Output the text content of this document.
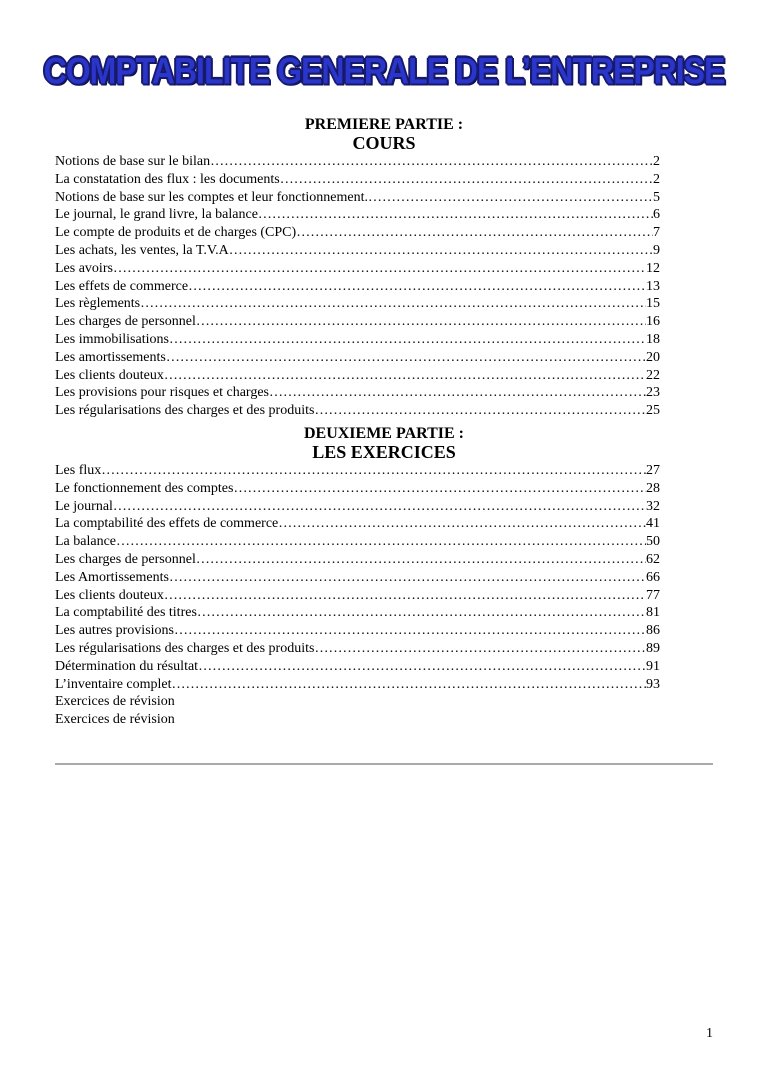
COMPTABILITE GENERALE DE L’ENTREPRISE
PREMIERE PARTIE :
COURS
Notions de base sur le bilan ……………………………………………………………………………………………………………………………………………………………………………………………………	2
La constatation des flux : les documents ……………………………………………………………………………………………………………………………………………………………………………………………………	2
Notions de base sur les comptes et leur fonctionnement. ……………………………………………………………………………………………………………………………………………………………………………………………………	5
Le journal, le grand livre, la balance ……………………………………………………………………………………………………………………………………………………………………………………………………	6
Le compte de produits et de charges (CPC) ……………………………………………………………………………………………………………………………………………………………………………………………………	7
Les achats, les ventes, la T.V.A ……………………………………………………………………………………………………………………………………………………………………………………………………	9
Les avoirs ……………………………………………………………………………………………………………………………………………………………………………………………………	12
Les effets de commerce ……………………………………………………………………………………………………………………………………………………………………………………………………	13
Les règlements ……………………………………………………………………………………………………………………………………………………………………………………………………	15
Les charges de personnel ……………………………………………………………………………………………………………………………………………………………………………………………………	16
Les immobilisations ……………………………………………………………………………………………………………………………………………………………………………………………………	18
Les amortissements ……………………………………………………………………………………………………………………………………………………………………………………………………	20
Les clients douteux ……………………………………………………………………………………………………………………………………………………………………………………………………	22
Les provisions pour risques et charges ……………………………………………………………………………………………………………………………………………………………………………………………………	23
Les régularisations des charges et des produits ……………………………………………………………………………………………………………………………………………………………………………………………………	25
DEUXIEME PARTIE :
LES EXERCICES
Les flux ……………………………………………………………………………………………………………………………………………………………………………………………………	27
Le fonctionnement des comptes ……………………………………………………………………………………………………………………………………………………………………………………………………	28
Le journal ……………………………………………………………………………………………………………………………………………………………………………………………………	32
La comptabilité des effets de commerce ……………………………………………………………………………………………………………………………………………………………………………………………………	41
La balance ……………………………………………………………………………………………………………………………………………………………………………………………………	50
Les charges de personnel ……………………………………………………………………………………………………………………………………………………………………………………………………	62
Les Amortissements ……………………………………………………………………………………………………………………………………………………………………………………………………	66
Les clients douteux ……………………………………………………………………………………………………………………………………………………………………………………………………	77
La comptabilité des titres ……………………………………………………………………………………………………………………………………………………………………………………………………	81
Les autres provisions ……………………………………………………………………………………………………………………………………………………………………………………………………	86
Les régularisations des charges et des produits ……………………………………………………………………………………………………………………………………………………………………………………………………	89
Détermination du résultat ……………………………………………………………………………………………………………………………………………………………………………………………………	91
L’inventaire complet ……………………………………………………………………………………………………………………………………………………………………………………………………	93
Exercices de révision
Exercices de révision
1
